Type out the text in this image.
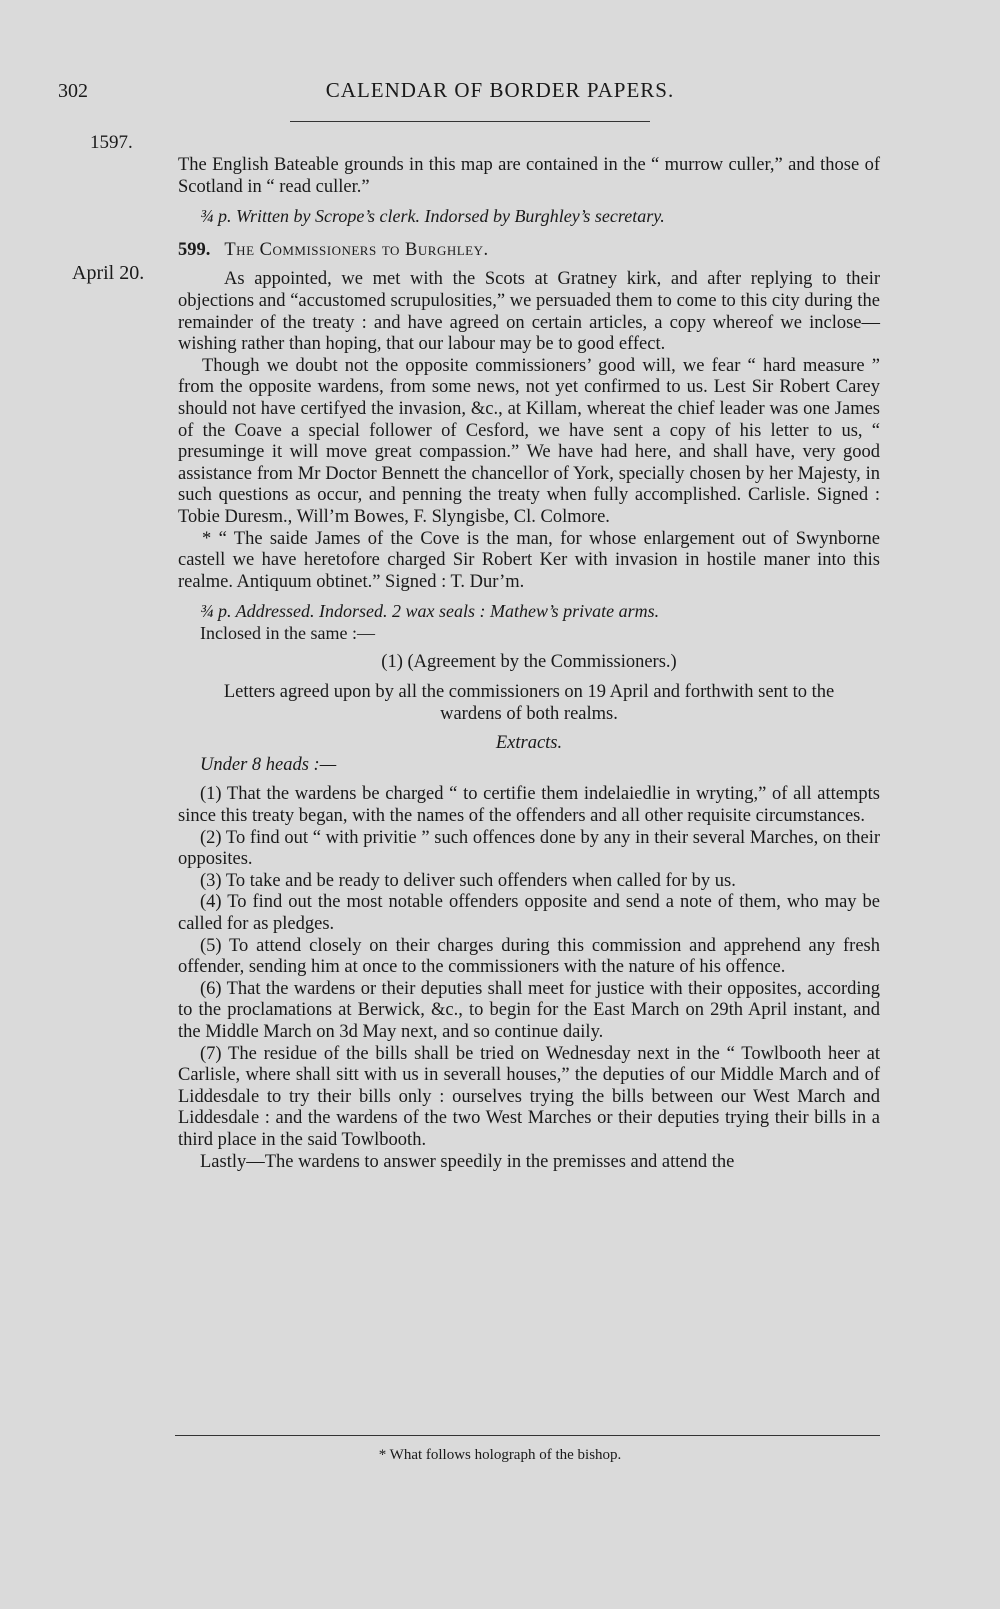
302	CALENDAR OF BORDER PAPERS.
1597.
April 20.

The English Bateable grounds in this map are contained in the “ murrow culler,” and those of Scotland in “ read culler.”

¾ p. Written by Scrope’s clerk. Indorsed by Burghley’s secretary.

599. The Commissioners to Burghley.

As appointed, we met with the Scots at Gratney kirk, and after replying to their objections and “accustomed scrupulosities,” we persuaded them to come to this city during the remainder of the treaty : and have agreed on certain articles, a copy whereof we inclose—wishing rather than hoping, that our labour may be to good effect.

Though we doubt not the opposite commissioners’ good will, we fear “ hard measure ” from the opposite wardens, from some news, not yet confirmed to us. Lest Sir Robert Carey should not have certifyed the invasion, &c., at Killam, whereat the chief leader was one James of the Coave a special follower of Cesford, we have sent a copy of his letter to us, “ presuminge it will move great compassion.” We have had here, and shall have, very good assistance from Mr Doctor Bennett the chancellor of York, specially chosen by her Majesty, in such questions as occur, and penning the treaty when fully accomplished. Carlisle. Signed : Tobie Duresm., Will’m Bowes, F. Slyngisbe, Cl. Colmore.

* “ The saide James of the Cove is the man, for whose enlargement out of Swynborne castell we have heretofore charged Sir Robert Ker with invasion in hostile maner into this realme. Antiquum obtinet.” Signed : T. Dur’m.

¾ p. Addressed. Indorsed. 2 wax seals : Mathew’s private arms.

Inclosed in the same :—

(1) (Agreement by the Commissioners.)

Letters agreed upon by all the commissioners on 19 April and forthwith sent to the wardens of both realms.

Extracts.

Under 8 heads :—

(1) That the wardens be charged “ to certifie them indelaiedlie in wryting,” of all attempts since this treaty began, with the names of the offenders and all other requisite circumstances.

(2) To find out “ with privitie ” such offences done by any in their several Marches, on their opposites.

(3) To take and be ready to deliver such offenders when called for by us.

(4) To find out the most notable offenders opposite and send a note of them, who may be called for as pledges.

(5) To attend closely on their charges during this commission and apprehend any fresh offender, sending him at once to the commissioners with the nature of his offence.

(6) That the wardens or their deputies shall meet for justice with their opposites, according to the proclamations at Berwick, &c., to begin for the East March on 29th April instant, and the Middle March on 3d May next, and so continue daily.

(7) The residue of the bills shall be tried on Wednesday next in the “ Towlbooth heer at Carlisle, where shall sitt with us in severall houses,” the deputies of our Middle March and of Liddesdale to try their bills only : ourselves trying the bills between our West March and Liddesdale : and the wardens of the two West Marches or their deputies trying their bills in a third place in the said Towlbooth.

Lastly—The wardens to answer speedily in the premisses and attend the

* What follows holograph of the bishop.
